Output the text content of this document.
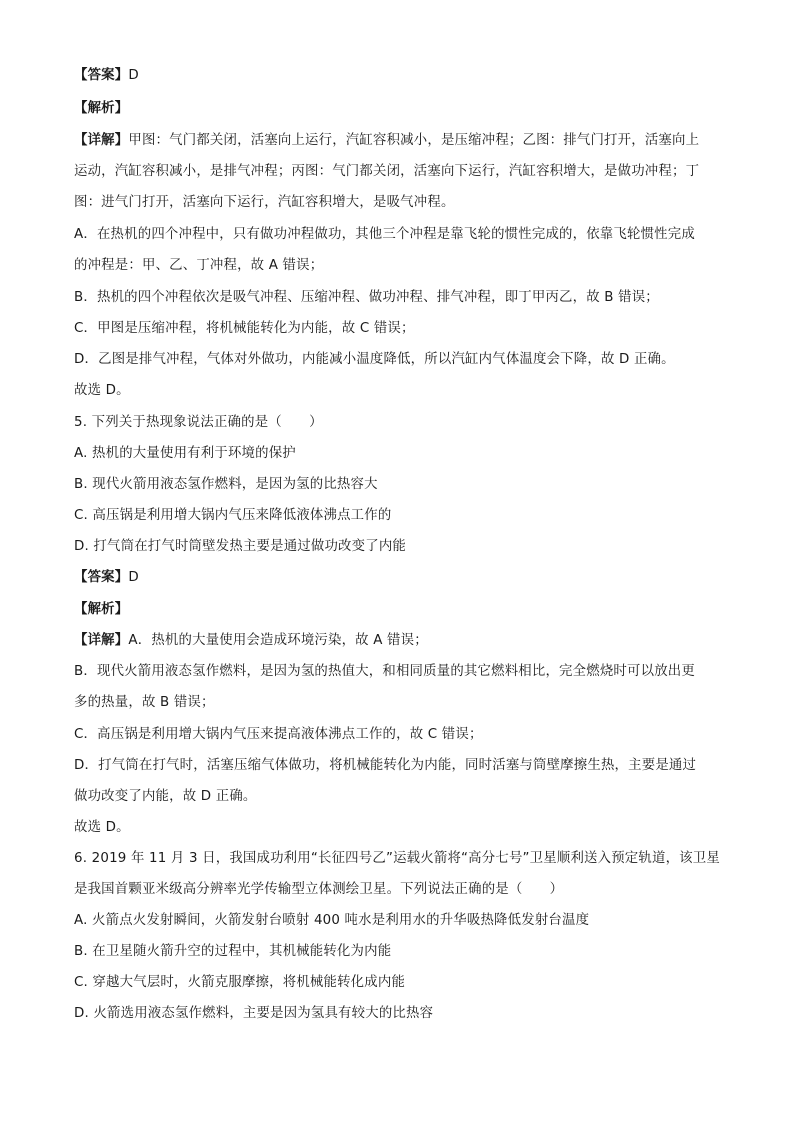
【答案】D
【解析】
【详解】甲图：气门都关闭，活塞向上运行，汽缸容积减小，是压缩冲程；乙图：排气门打开，活塞向上
运动，汽缸容积减小，是排气冲程；丙图：气门都关闭，活塞向下运行，汽缸容积增大，是做功冲程；丁
图：进气门打开，活塞向下运行，汽缸容积增大，是吸气冲程。
A．在热机的四个冲程中，只有做功冲程做功，其他三个冲程是靠飞轮的惯性完成的，依靠飞轮惯性完成
的冲程是：甲、乙、丁冲程，故 A 错误；
B．热机的四个冲程依次是吸气冲程、压缩冲程、做功冲程、排气冲程，即丁甲丙乙，故 B 错误；
C．甲图是压缩冲程，将机械能转化为内能，故 C 错误；
D．乙图是排气冲程，气体对外做功，内能减小温度降低，所以汽缸内气体温度会下降，故 D 正确。
故选 D。
5. 下列关于热现象说法正确的是（　　）
A. 热机的大量使用有利于环境的保护
B. 现代火箭用液态氢作燃料，是因为氢的比热容大
C. 高压锅是利用增大锅内气压来降低液体沸点工作的
D. 打气筒在打气时筒壁发热主要是通过做功改变了内能
【答案】D
【解析】
【详解】A．热机的大量使用会造成环境污染，故 A 错误；
B．现代火箭用液态氢作燃料，是因为氢的热值大，和相同质量的其它燃料相比，完全燃烧时可以放出更
多的热量，故 B 错误；
C．高压锅是利用增大锅内气压来提高液体沸点工作的，故 C 错误；
D．打气筒在打气时，活塞压缩气体做功，将机械能转化为内能，同时活塞与筒壁摩擦生热，主要是通过
做功改变了内能，故 D 正确。
故选 D。
6. 2019 年 11 月 3 日，我国成功利用“长征四号乙”运载火箭将“高分七号”卫星顺利送入预定轨道，该卫星
是我国首颗亚米级高分辨率光学传输型立体测绘卫星。下列说法正确的是（　　）
A. 火箭点火发射瞬间，火箭发射台喷射 400 吨水是利用水的升华吸热降低发射台温度
B. 在卫星随火箭升空的过程中，其机械能转化为内能
C. 穿越大气层时，火箭克服摩擦，将机械能转化成内能
D. 火箭选用液态氢作燃料，主要是因为氢具有较大的比热容
